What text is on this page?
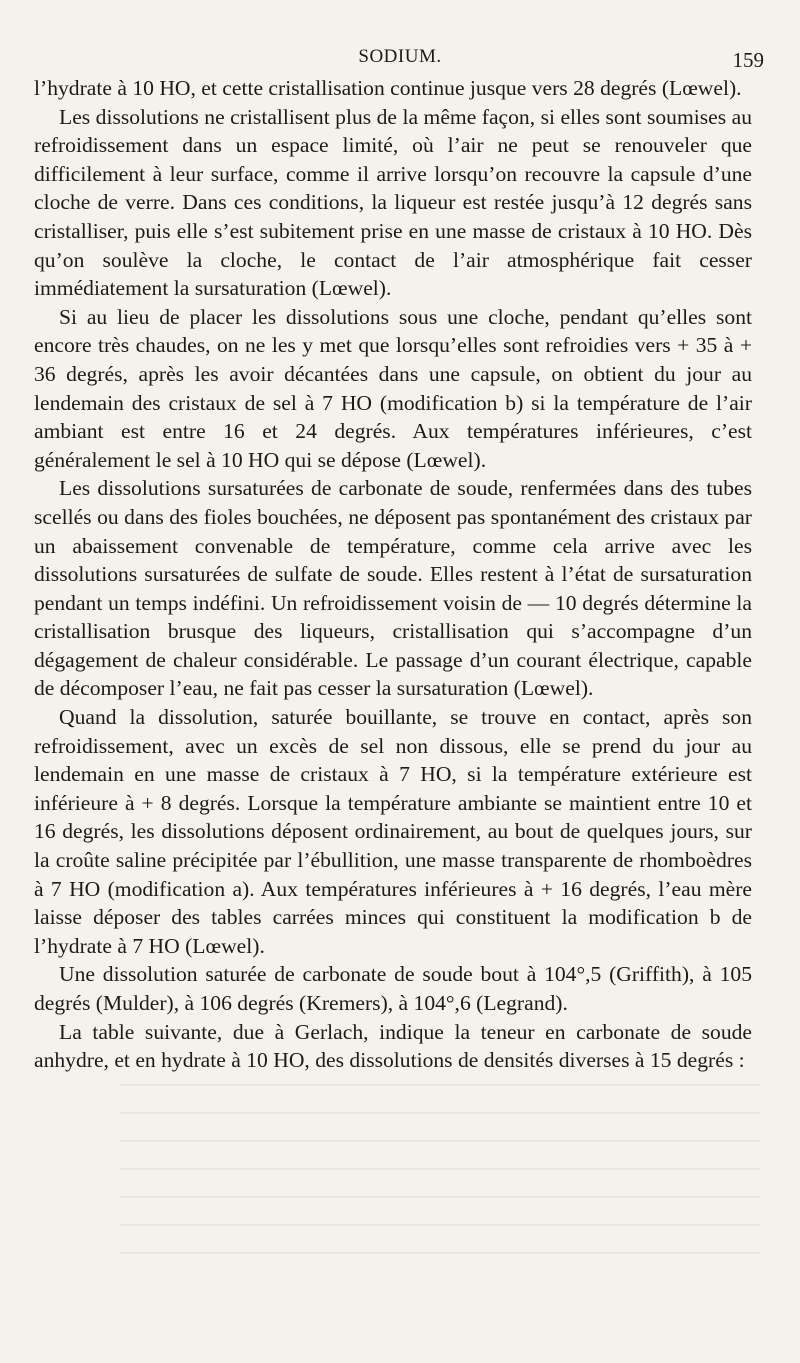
SODIUM.	159

l’hydrate à 10 HO, et cette cristallisation continue jusque vers 28 degrés (Lœwel).

Les dissolutions ne cristallisent plus de la même façon, si elles sont soumises au refroidissement dans un espace limité, où l’air ne peut se renouveler que difficilement à leur surface, comme il arrive lorsqu’on recouvre la capsule d’une cloche de verre. Dans ces conditions, la liqueur est restée jusqu’à 12 degrés sans cristalliser, puis elle s’est subitement prise en une masse de cristaux à 10 HO. Dès qu’on soulève la cloche, le contact de l’air atmosphérique fait cesser immédiatement la sursaturation (Lœwel).

Si au lieu de placer les dissolutions sous une cloche, pendant qu’elles sont encore très chaudes, on ne les y met que lorsqu’elles sont refroidies vers + 35 à + 36 degrés, après les avoir décantées dans une capsule, on obtient du jour au lendemain des cristaux de sel à 7 HO (modification b) si la température de l’air ambiant est entre 16 et 24 degrés. Aux températures inférieures, c’est généralement le sel à 10 HO qui se dépose (Lœwel).

Les dissolutions sursaturées de carbonate de soude, renfermées dans des tubes scellés ou dans des fioles bouchées, ne déposent pas spontanément des cristaux par un abaissement convenable de température, comme cela arrive avec les dissolutions sursaturées de sulfate de soude. Elles restent à l’état de sursaturation pendant un temps indéfini. Un refroidissement voisin de — 10 degrés détermine la cristallisation brusque des liqueurs, cristallisation qui s’accompagne d’un dégagement de chaleur considérable. Le passage d’un courant électrique, capable de décomposer l’eau, ne fait pas cesser la sursaturation (Lœwel).

Quand la dissolution, saturée bouillante, se trouve en contact, après son refroidissement, avec un excès de sel non dissous, elle se prend du jour au lendemain en une masse de cristaux à 7 HO, si la température extérieure est inférieure à + 8 degrés. Lorsque la température ambiante se maintient entre 10 et 16 degrés, les dissolutions déposent ordinairement, au bout de quelques jours, sur la croûte saline précipitée par l’ébullition, une masse transparente de rhomboèdres à 7 HO (modification a). Aux températures inférieures à + 16 degrés, l’eau mère laisse déposer des tables carrées minces qui constituent la modification b de l’hydrate à 7 HO (Lœwel).

Une dissolution saturée de carbonate de soude bout à 104°,5 (Griffith), à 105 degrés (Mulder), à 106 degrés (Kremers), à 104°,6 (Legrand).

La table suivante, due à Gerlach, indique la teneur en carbonate de soude anhydre, et en hydrate à 10 HO, des dissolutions de densités diverses à 15 degrés :
